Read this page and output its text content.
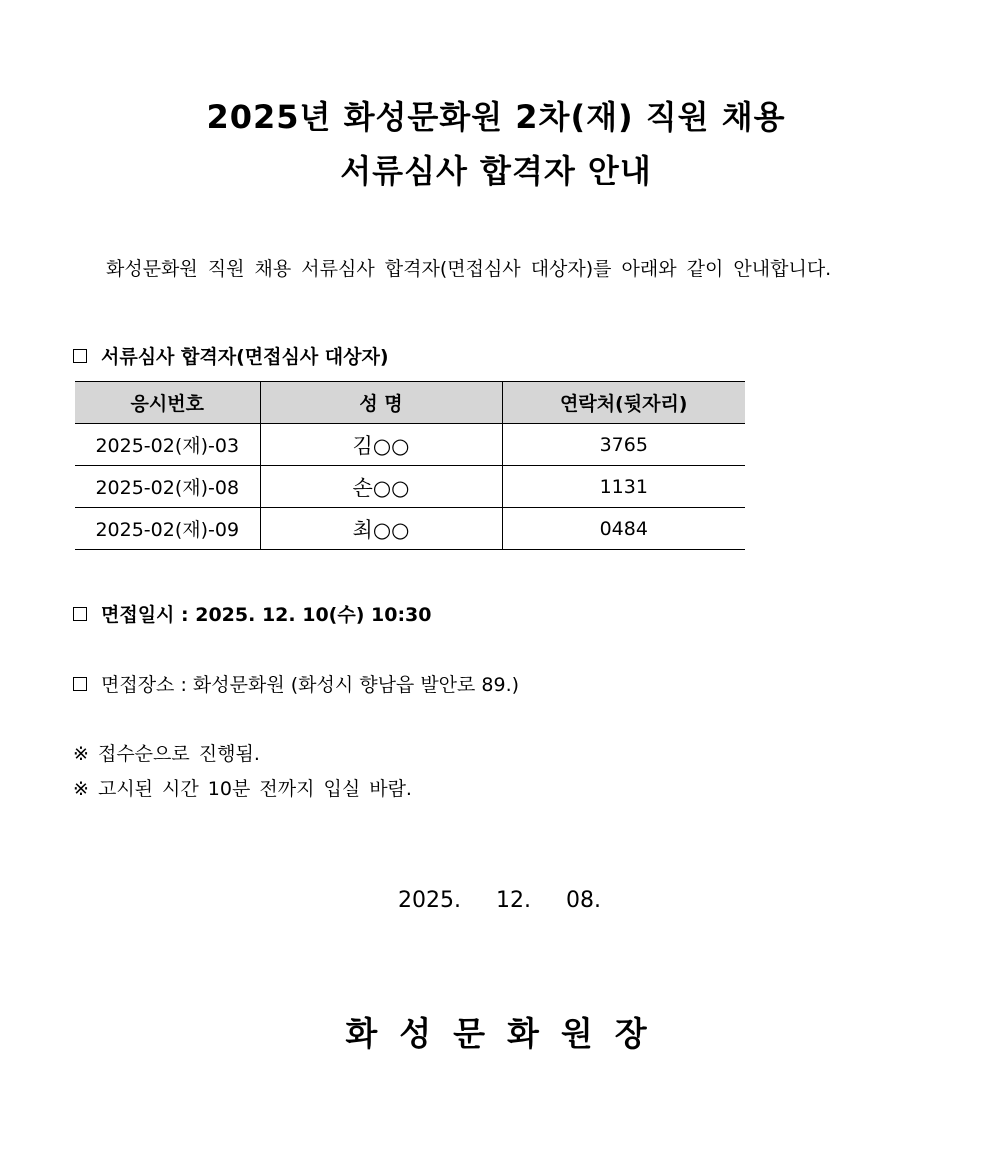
2025년 화성문화원 2차(재) 직원 채용
서류심사 합격자 안내
화성문화원 직원 채용 서류심사 합격자(면접심사 대상자)를 아래와 같이 안내합니다.
서류심사 합격자(면접심사 대상자)
응시번호	성 명	연락처(뒷자리)
2025-02(재)-03	김○○	3765
2025-02(재)-08	손○○	1131
2025-02(재)-09	최○○	0484
면접일시 : 2025. 12. 10(수) 10:30
면접장소 : 화성문화원 (화성시 향남읍 발안로 89.)
※ 접수순으로 진행됨.
※ 고시된 시간 10분 전까지 입실 바람.
2025. 12. 08.
화성문화원장
